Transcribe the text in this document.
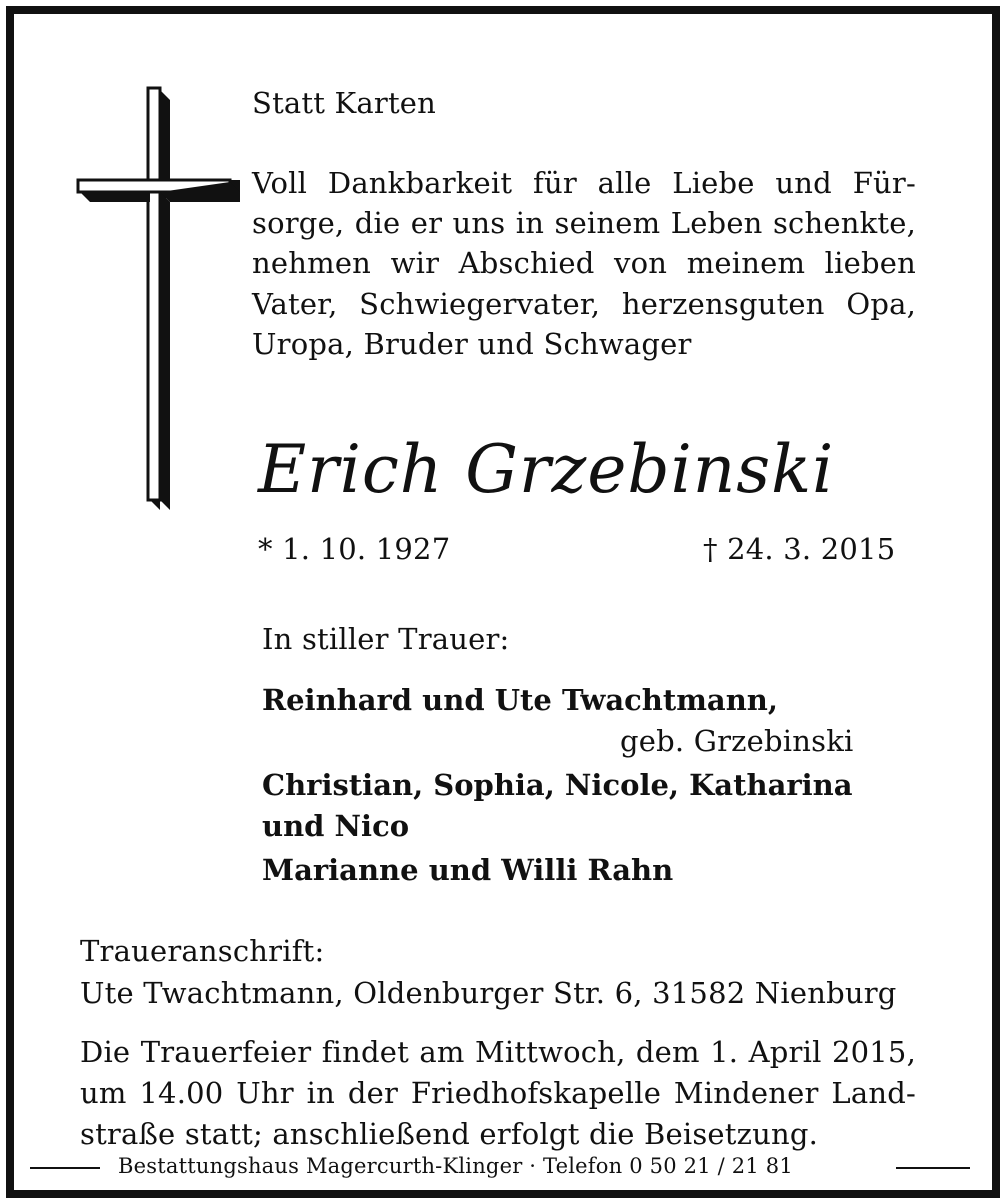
Statt Karten
Voll Dankbarkeit für alle Liebe und Für-sorge, die er uns in seinem Leben schenkte, nehmen wir Abschied von meinem lieben Vater, Schwiegervater, herzensguten Opa, Uropa, Bruder und Schwager
Erich Grzebinski
* 1. 10. 1927	† 24. 3. 2015
In stiller Trauer:
Reinhard und Ute Twachtmann,
geb. Grzebinski
Christian, Sophia, Nicole, Katharina
und Nico
Marianne und Willi Rahn
Traueranschrift:
Ute Twachtmann, Oldenburger Str. 6, 31582 Nienburg
Die Trauerfeier findet am Mittwoch, dem 1. April 2015, um 14.00 Uhr in der Friedhofskapelle Mindener Land-straße statt; anschließend erfolgt die Beisetzung.
Bestattungshaus Magercurth-Klinger · Telefon 0 50 21 / 21 81
